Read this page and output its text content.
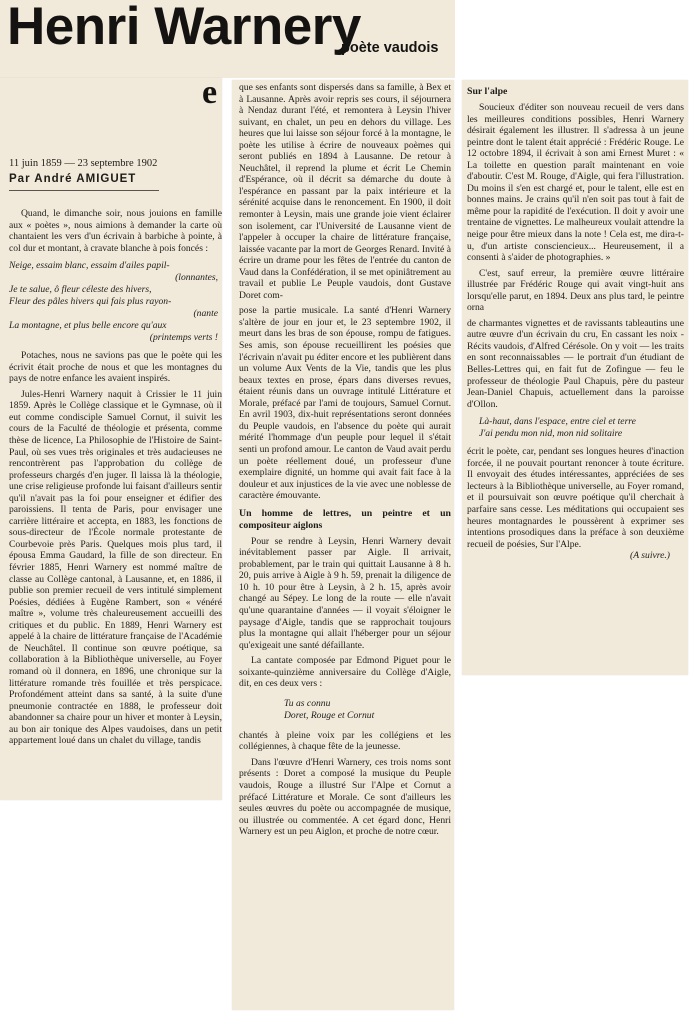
Henri Warnery
poète vaudois
11 juin 1859 — 23 septembre 1902
Par André AMIGUET

Quand, le dimanche soir, nous jouions en famille aux « poètes », nous aimions à demander la carte où chantaient les vers d'un écrivain à barbiche à pointe, à col dur et montant, à cravate blanche à pois foncés :

Neige, essaim blanc, essaim d'ailes papil-
(lonnantes,
Je te salue, ô fleur céleste des hivers,
Fleur des pâles hivers qui fais plus rayon-
(nante
La montagne, et plus belle encore qu'aux
(printemps verts !

Potaches, nous ne savions pas que le poète qui les écrivit était proche de nous et que les montagnes du pays de notre enfance les avaient inspirés.

Jules-Henri Warnery naquit à Crissier le 11 juin 1859. Après le Collège classique et le Gymnase, où il eut comme condisciple Samuel Cornut, il suivit les cours de la Faculté de théologie et présenta, comme thèse de licence, La Philosophie de l'Histoire de Saint-Paul, où ses vues très originales et très audacieuses ne rencontrèrent pas l'approbation du collège de professeurs chargés d'en juger. Il laissa là la théologie, une crise religieuse profonde lui faisant d'ailleurs sentir qu'il n'avait pas la foi pour enseigner et édifier des paroissiens. Il tenta de Paris, pour envisager une carrière littéraire et accepta, en 1883, les fonctions de sous-directeur de l'École normale protestante de Courbevoie près Paris. Quelques mois plus tard, il épousa Emma Gaudard, la fille de son directeur. En février 1885, Henri Warnery est nommé maître de classe au Collège cantonal, à Lausanne, et, en 1886, il publie son premier recueil de vers intitulé simplement Poésies, dédiées à Eugène Rambert, son « vénéré maître », volume très chaleureusement accueilli des critiques et du public. En 1889, Henri Warnery est appelé à la chaire de littérature française de l'Académie de Neuchâtel. Il continue son œuvre poétique, sa collaboration à la Bibliothèque universelle, au Foyer romand où il donnera, en 1896, une chronique sur la littérature romande très fouillée et très perspicace. Profondément atteint dans sa santé, à la suite d'une pneumonie contractée en 1888, le professeur doit abandonner sa chaire pour un hiver et monter à Leysin, au bon air tonique des Alpes vaudoises, dans un petit appartement loué dans un chalet du village, tandis

e que ses enfants sont dispersés dans sa famille, à Bex et à Lausanne. Après avoir repris ses cours, il séjournera à Nendaz durant l'été, et remontera à Leysin l'hiver suivant, en chalet, un peu en dehors du village. Les heures que lui laisse son séjour forcé à la montagne, le poète les utilise à écrire de nouveaux poèmes qui seront publiés en 1894 à Lausanne. De retour à Neuchâtel, il reprend la plume et écrit Le Chemin d'Espérance, où il décrit sa démarche du doute à l'espérance en passant par la paix intérieure et la sérénité acquise dans le renoncement. En 1900, il doit remonter à Leysin, mais une grande joie vient éclairer son isolement, car l'Université de Lausanne vient de l'appeler à occuper la chaire de littérature française, laissée vacante par la mort de Georges Renard. Invité à écrire un drame pour les fêtes de l'entrée du canton de Vaud dans la Confédération, il se met opiniâtrement au travail et publie Le Peuple vaudois, dont Gustave Doret com-

pose la partie musicale. La santé d'Henri Warnery s'altère de jour en jour et, le 23 septembre 1902, il meurt dans les bras de son épouse, rompu de fatigues. Ses amis, son épouse recueillirent les poésies que l'écrivain n'avait pu éditer encore et les publièrent dans un volume Aux Vents de la Vie, tandis que les plus beaux textes en prose, épars dans diverses revues, étaient réunis dans un ouvrage intitulé Littérature et Morale, préfacé par l'ami de toujours, Samuel Cornut. En avril 1903, dix-huit représentations seront données du Peuple vaudois, en l'absence du poète qui aurait mérité l'hommage d'un peuple pour lequel il s'était senti un profond amour. Le canton de Vaud avait perdu un poète réellement doué, un professeur d'une exemplaire dignité, un homme qui avait fait face à la douleur et aux injustices de la vie avec une noblesse de caractère émouvante.

Un homme de lettres, un peintre et un compositeur aiglons

Pour se rendre à Leysin, Henri Warnery devait inévitablement passer par Aigle. Il arrivait, probablement, par le train qui quittait Lausanne à 8 h. 20, puis arrive à Aigle à 9 h. 59, prenait la diligence de 10 h. 10 pour être à Leysin, à 2 h. 15, après avoir changé au Sépey. Le long de la route — elle n'avait qu'une quarantaine d'années — il voyait s'éloigner le paysage d'Aigle, tandis que se rapprochait toujours plus la montagne qui allait l'héberger pour un séjour qu'exigeait une santé défaillante.

La cantate composée par Edmond Piguet pour le soixante-quinzième anniversaire du Collège d'Aigle, dit, en ces deux vers :

Tu as connu
Doret, Rouge et Cornut

chantés à pleine voix par les collégiens et les collégiennes, à chaque fête de la jeunesse.

Dans l'œuvre d'Henri Warnery, ces trois noms sont présents : Doret a composé la musique du Peuple vaudois, Rouge a illustré Sur l'Alpe et Cornut a préfacé Littérature et Morale. Ce sont d'ailleurs les seules œuvres du poète ou accompagnée de musique, ou illustrée ou commentée. A cet égard donc, Henri Warnery est un peu Aiglon, et proche de notre cœur.

Sur l'alpe

Soucieux d'éditer son nouveau recueil de vers dans les meilleures conditions possibles, Henri Warnery désirait également les illustrer. Il s'adressa à un jeune peintre dont le talent était apprécié : Frédéric Rouge. Le 12 octobre 1894, il écrivait à son ami Ernest Muret : « La toilette en question paraît maintenant en voie d'aboutir. C'est M. Rouge, d'Aigle, qui fera l'illustration. Du moins il s'en est chargé et, pour le talent, elle est en bonnes mains. Je crains qu'il n'en soit pas tout à fait de même pour la rapidité de l'exécution. Il doit y avoir une trentaine de vignettes. Le malheureux voulait attendre la neige pour être mieux dans la note ! Cela est, me dira-t-u, d'un artiste consciencieux... Heureusement, il a consenti à s'aider de photographies. »

C'est, sauf erreur, la première œuvre littéraire illustrée par Frédéric Rouge qui avait vingt-huit ans lorsqu'elle parut, en 1894. Deux ans plus tard, le peintre orna

de charmantes vignettes et de ravissants tableautins une autre œuvre d'un écrivain du cru, En cassant les noix - Récits vaudois, d'Alfred Cérésole. On y voit — les traits en sont reconnaissables — le portrait d'un étudiant de Belles-Lettres qui, en fait fut de Zofingue — feu le professeur de théologie Paul Chapuis, père du pasteur Jean-Daniel Chapuis, actuellement dans la paroisse d'Ollon.

Là-haut, dans l'espace, entre ciel et terre
J'ai pendu mon nid, mon nid solitaire

écrit le poète, car, pendant ses longues heures d'inaction forcée, il ne pouvait pourtant renoncer à toute écriture. Il envoyait des études intéressantes, appréciées de ses lecteurs à la Bibliothèque universelle, au Foyer romand, et il poursuivait son œuvre poétique qu'il cherchait à parfaire sans cesse. Les méditations qui occupaient ses heures montagnardes le poussèrent à exprimer ses intentions prosodiques dans la préface à son deuxième recueil de poésies, Sur l'Alpe.

(A suivre.)
